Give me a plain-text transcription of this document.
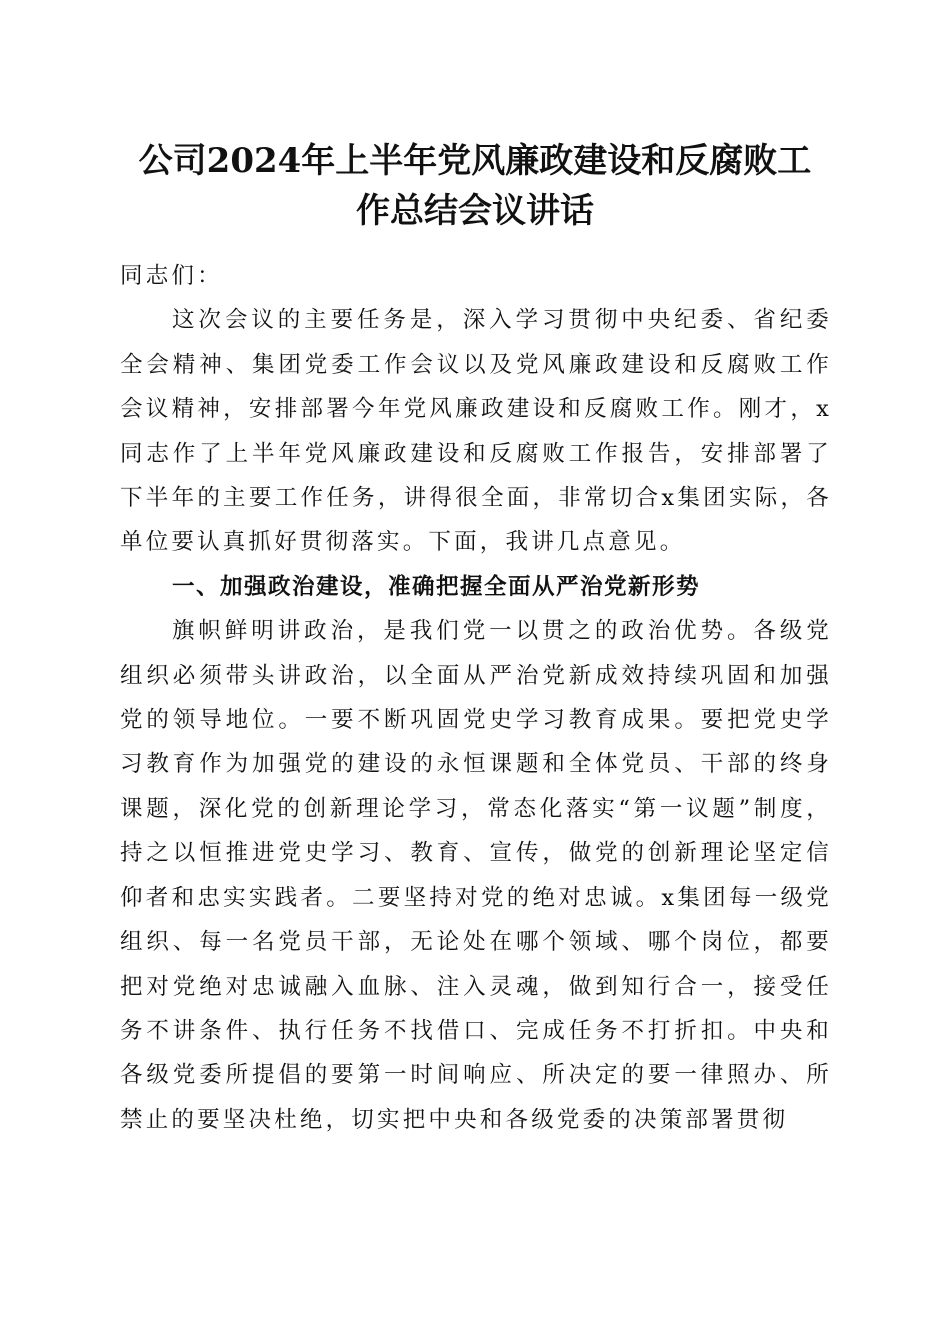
公司2024年上半年党风廉政建设和反腐败工
作总结会议讲话

同志们：

这次会议的主要任务是，深入学习贯彻中央纪委、省纪委全会精神、集团党委工作会议以及党风廉政建设和反腐败工作会议精神，安排部署今年党风廉政建设和反腐败工作。刚才，x同志作了上半年党风廉政建设和反腐败工作报告，安排部署了下半年的主要工作任务，讲得很全面，非常切合x集团实际，各单位要认真抓好贯彻落实。下面，我讲几点意见。

一、加强政治建设，准确把握全面从严治党新形势

旗帜鲜明讲政治，是我们党一以贯之的政治优势。各级党组织必须带头讲政治，以全面从严治党新成效持续巩固和加强党的领导地位。一要不断巩固党史学习教育成果。要把党史学习教育作为加强党的建设的永恒课题和全体党员、干部的终身课题，深化党的创新理论学习，常态化落实“第一议题”制度，持之以恒推进党史学习、教育、宣传，做党的创新理论坚定信仰者和忠实实践者。二要坚持对党的绝对忠诚。x集团每一级党组织、每一名党员干部，无论处在哪个领域、哪个岗位，都要把对党绝对忠诚融入血脉、注入灵魂，做到知行合一，接受任务不讲条件、执行任务不找借口、完成任务不打折扣。中央和各级党委所提倡的要第一时间响应、所决定的要一律照办、所禁止的要坚决杜绝，切实把中央和各级党委的决策部署贯彻
